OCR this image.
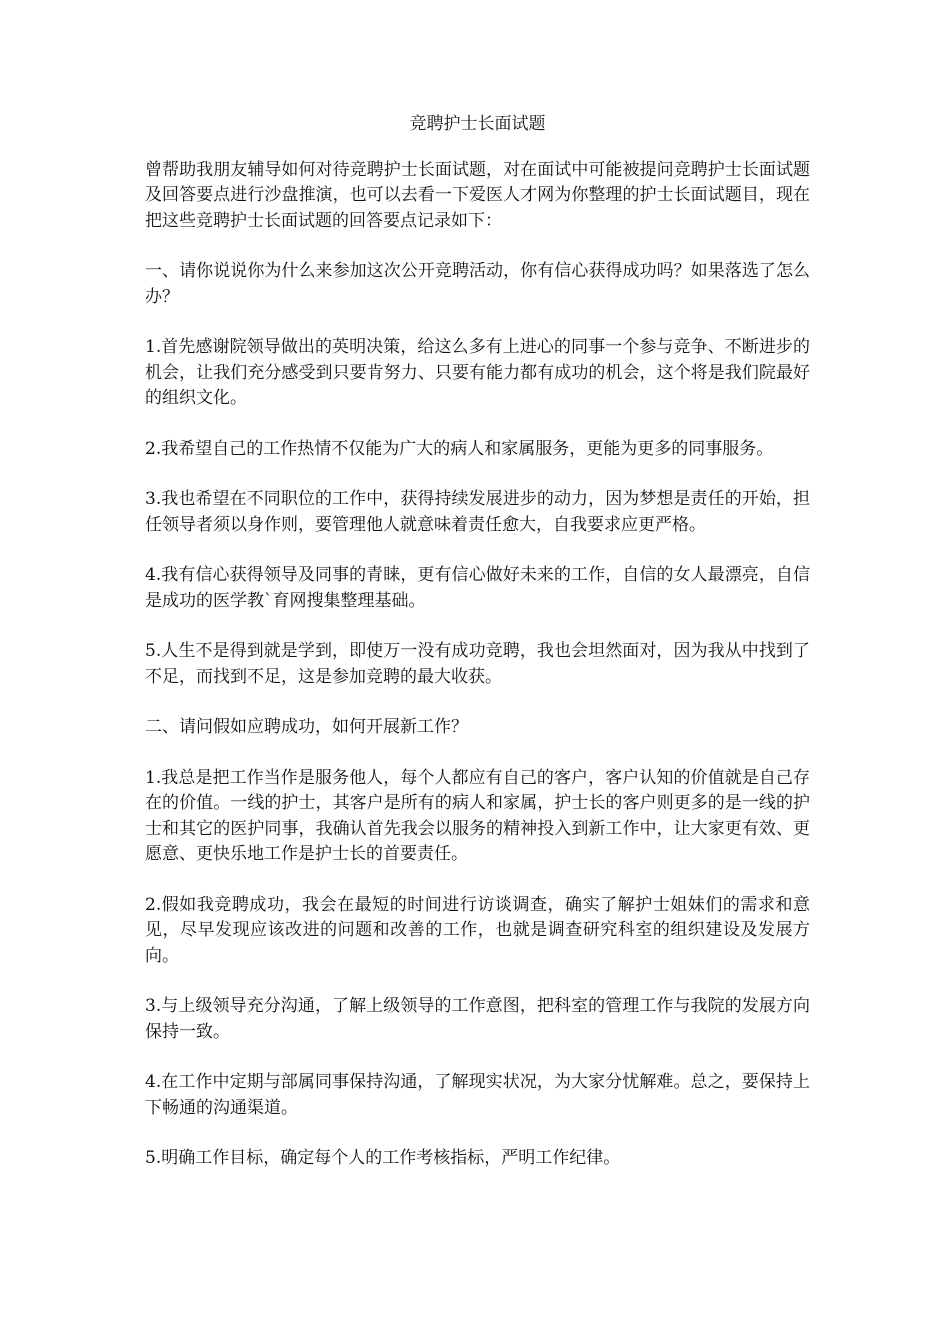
竞聘护士长面试题

曾帮助我朋友辅导如何对待竞聘护士长面试题，对在面试中可能被提问竞聘护士长面试题及回答要点进行沙盘推演，也可以去看一下爱医人才网为你整理的护士长面试题目，现在把这些竞聘护士长面试题的回答要点记录如下：

一、请你说说你为什么来参加这次公开竞聘活动，你有信心获得成功吗？如果落选了怎么办？

1.首先感谢院领导做出的英明决策，给这么多有上进心的同事一个参与竞争、不断进步的机会，让我们充分感受到只要肯努力、只要有能力都有成功的机会，这个将是我们院最好的组织文化。

2.我希望自己的工作热情不仅能为广大的病人和家属服务，更能为更多的同事服务。

3.我也希望在不同职位的工作中，获得持续发展进步的动力，因为梦想是责任的开始，担任领导者须以身作则，要管理他人就意味着责任愈大，自我要求应更严格。

4.我有信心获得领导及同事的青睐，更有信心做好未来的工作，自信的女人最漂亮，自信是成功的医学教`育网搜集整理基础。

5.人生不是得到就是学到，即使万一没有成功竞聘，我也会坦然面对，因为我从中找到了不足，而找到不足，这是参加竞聘的最大收获。

二、请问假如应聘成功，如何开展新工作？

1.我总是把工作当作是服务他人，每个人都应有自己的客户，客户认知的价值就是自己存在的价值。一线的护士，其客户是所有的病人和家属，护士长的客户则更多的是一线的护士和其它的医护同事，我确认首先我会以服务的精神投入到新工作中，让大家更有效、更愿意、更快乐地工作是护士长的首要责任。

2.假如我竞聘成功，我会在最短的时间进行访谈调查，确实了解护士姐妹们的需求和意见，尽早发现应该改进的问题和改善的工作，也就是调查研究科室的组织建设及发展方向。

3.与上级领导充分沟通，了解上级领导的工作意图，把科室的管理工作与我院的发展方向保持一致。

4.在工作中定期与部属同事保持沟通，了解现实状况，为大家分忧解难。总之，要保持上下畅通的沟通渠道。

5.明确工作目标，确定每个人的工作考核指标，严明工作纪律。
